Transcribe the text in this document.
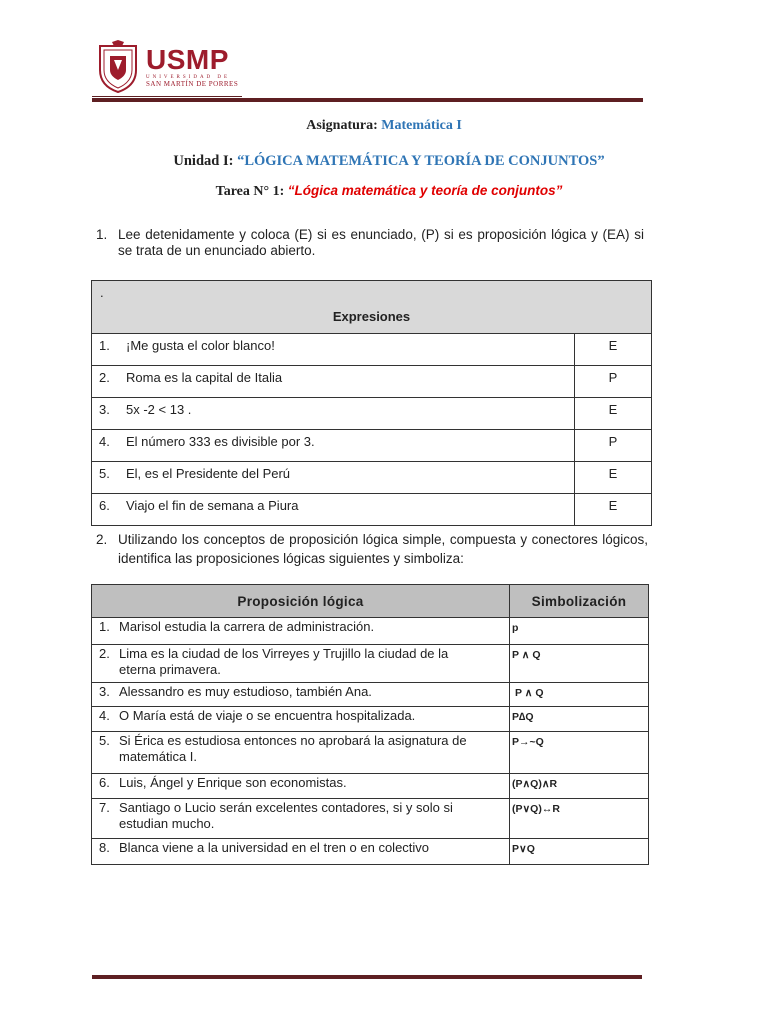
USMP
UNIVERSIDAD DE
SAN MARTÍN DE PORRES
Asignatura: Matemática I
Unidad I: “LÓGICA MATEMÁTICA Y TEORÍA DE CONJUNTOS”
Tarea N° 1: “Lógica matemática y teoría de conjuntos”
1. Lee detenidamente y coloca (E) si es enunciado, (P) si es proposición lógica y (EA) si se trata de un enunciado abierto.
.
Expresiones	

1. ¡Me gusta el color blanco!	E
2. Roma es la capital de Italia	P
3. 5x -2 < 13 .	E
4. El número 333 es divisible por 3.	P
5. El, es el Presidente del Perú	E
6. Viajo el fin de semana a Piura	E
2. Utilizando los conceptos de proposición lógica simple, compuesta y conectores lógicos, identifica las proposiciones lógicas siguientes y simboliza:
Proposición lógica	Simbolización
1. Marisol estudia la carrera de administración.	p
2. Lima es la ciudad de los Virreyes y Trujillo la ciudad de la
eterna primavera.	P ∧ Q
3. Alessandro es muy estudioso, también Ana.	P ∧ Q
4. O María está de viaje o se encuentra hospitalizada.	P∆Q
5. Si Érica es estudiosa entonces no aprobará la asignatura de
matemática I.	P→~Q
6. Luis, Ángel y Enrique son economistas.	(P∧Q)∧R
7. Santiago o Lucio serán excelentes contadores, si y solo si
estudian mucho.	(P∨Q)↔R
8. Blanca viene a la universidad en el tren o en colectivo	P∨Q
